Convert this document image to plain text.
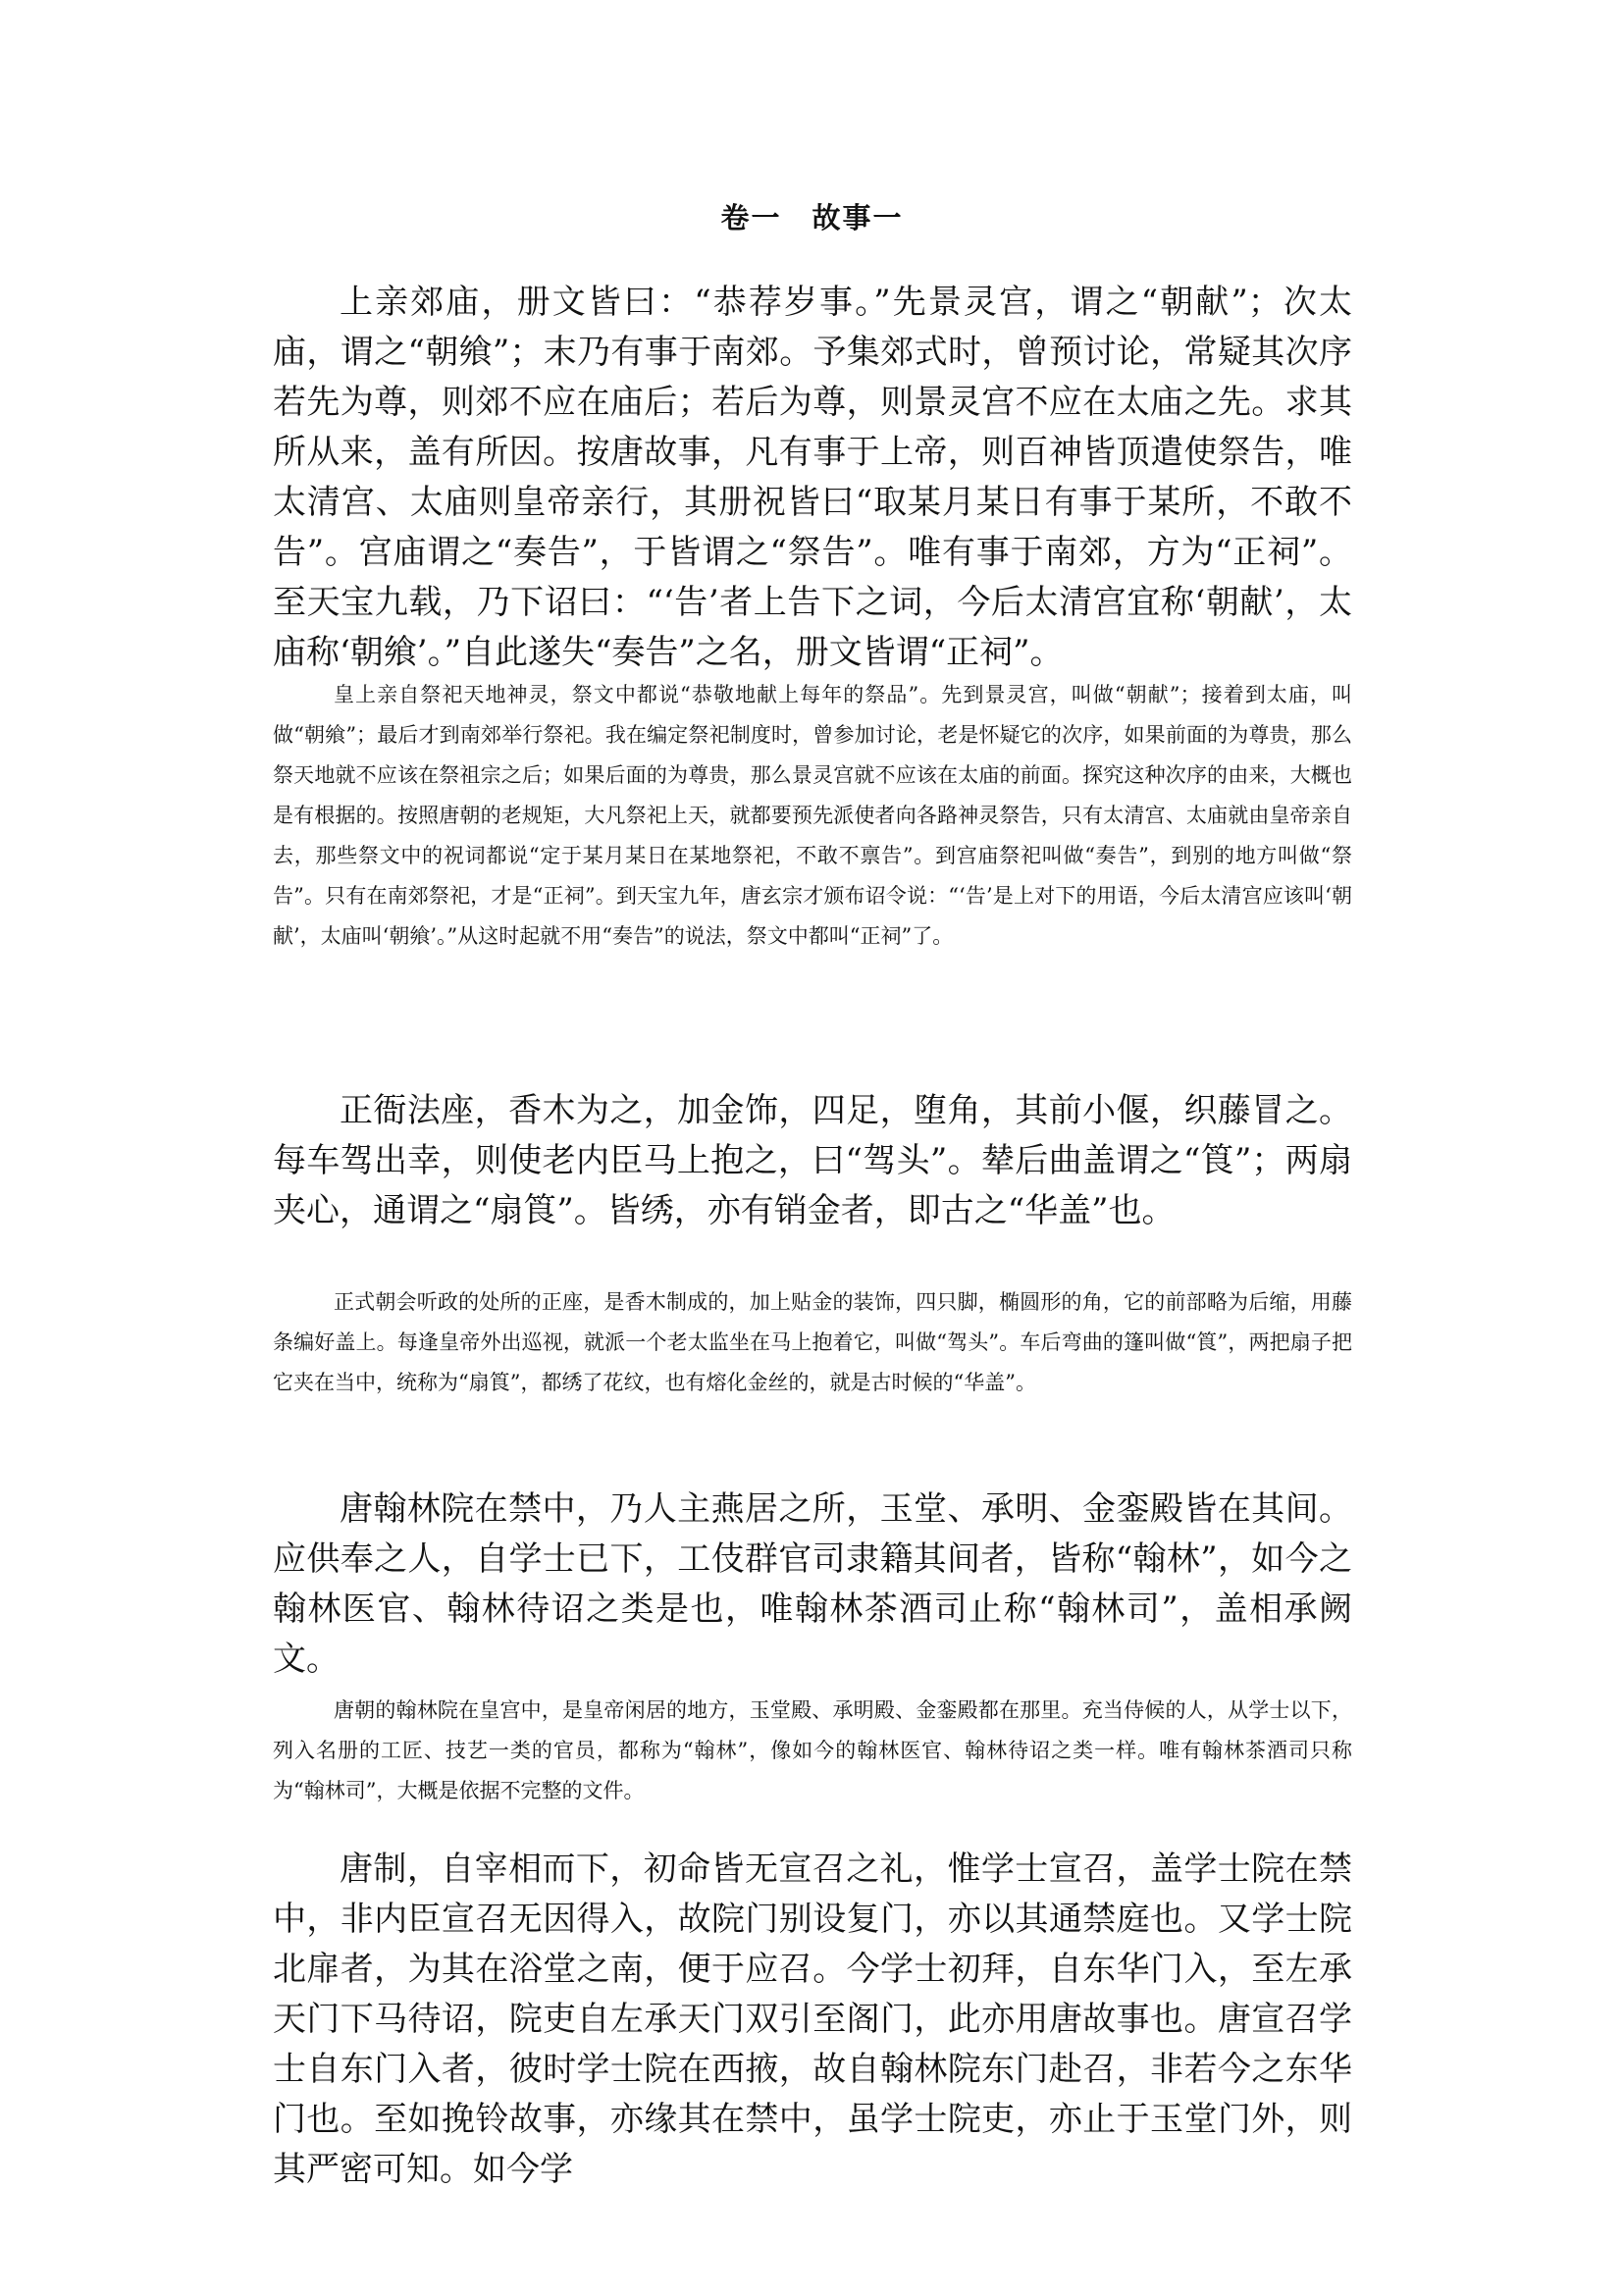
卷一　故事一

上亲郊庙，册文皆曰：“恭荐岁事。”先景灵宫，谓之“朝献”；次太庙，谓之“朝飨”；末乃有事于南郊。予集郊式时，曾预讨论，常疑其次序若先为尊，则郊不应在庙后；若后为尊，则景灵宫不应在太庙之先。求其所从来，盖有所因。按唐故事，凡有事于上帝，则百神皆顶遣使祭告，唯太清宫、太庙则皇帝亲行，其册祝皆曰“取某月某日有事于某所，不敢不告”。宫庙谓之“奏告”，于皆谓之“祭告”。唯有事于南郊，方为“正祠”。至天宝九载，乃下诏曰：“‘告’者上告下之词，今后太清宫宜称‘朝献’，太庙称‘朝飨’。”自此遂失“奏告”之名，册文皆谓“正祠”。

皇上亲自祭祀天地神灵，祭文中都说“恭敬地献上每年的祭品”。先到景灵宫，叫做“朝献”；接着到太庙，叫做“朝飨”；最后才到南郊举行祭祀。我在编定祭祀制度时，曾参加讨论，老是怀疑它的次序，如果前面的为尊贵，那么祭天地就不应该在祭祖宗之后；如果后面的为尊贵，那么景灵宫就不应该在太庙的前面。探究这种次序的由来，大概也是有根据的。按照唐朝的老规矩，大凡祭祀上天，就都要预先派使者向各路神灵祭告，只有太清宫、太庙就由皇帝亲自去，那些祭文中的祝词都说“定于某月某日在某地祭祀，不敢不禀告”。到宫庙祭祀叫做“奏告”，到别的地方叫做“祭告”。只有在南郊祭祀，才是“正祠”。到天宝九年，唐玄宗才颁布诏令说：“‘告’是上对下的用语，今后太清宫应该叫‘朝献’，太庙叫‘朝飨’。”从这时起就不用“奏告”的说法，祭文中都叫“正祠”了。

正衙法座，香木为之，加金饰，四足，堕角，其前小偃，织藤冒之。每车驾出幸，则使老内臣马上抱之，曰“驾头”。辇后曲盖谓之“筤”；两扇夹心，通谓之“扇筤”。皆绣，亦有销金者，即古之“华盖”也。

正式朝会听政的处所的正座，是香木制成的，加上贴金的装饰，四只脚，椭圆形的角，它的前部略为后缩，用藤条编好盖上。每逢皇帝外出巡视，就派一个老太监坐在马上抱着它，叫做“驾头”。车后弯曲的篷叫做“筤”，两把扇子把它夹在当中，统称为“扇筤”，都绣了花纹，也有熔化金丝的，就是古时候的“华盖”。

唐翰林院在禁中，乃人主燕居之所，玉堂、承明、金銮殿皆在其间。应供奉之人，自学士已下，工伎群官司隶籍其间者，皆称“翰林”，如今之翰林医官、翰林待诏之类是也，唯翰林茶酒司止称“翰林司”，盖相承阙文。

唐朝的翰林院在皇宫中，是皇帝闲居的地方，玉堂殿、承明殿、金銮殿都在那里。充当侍候的人，从学士以下，列入名册的工匠、技艺一类的官员，都称为“翰林”，像如今的翰林医官、翰林待诏之类一样。唯有翰林茶酒司只称为“翰林司”，大概是依据不完整的文件。

唐制，自宰相而下，初命皆无宣召之礼，惟学士宣召，盖学士院在禁中，非内臣宣召无因得入，故院门别设复门，亦以其通禁庭也。又学士院北扉者，为其在浴堂之南，便于应召。今学士初拜，自东华门入，至左承天门下马待诏，院吏自左承天门双引至阁门，此亦用唐故事也。唐宣召学士自东门入者，彼时学士院在西掖，故自翰林院东门赴召，非若今之东华门也。至如挽铃故事，亦缘其在禁中，虽学士院吏，亦止于玉堂门外，则其严密可知。如今学
